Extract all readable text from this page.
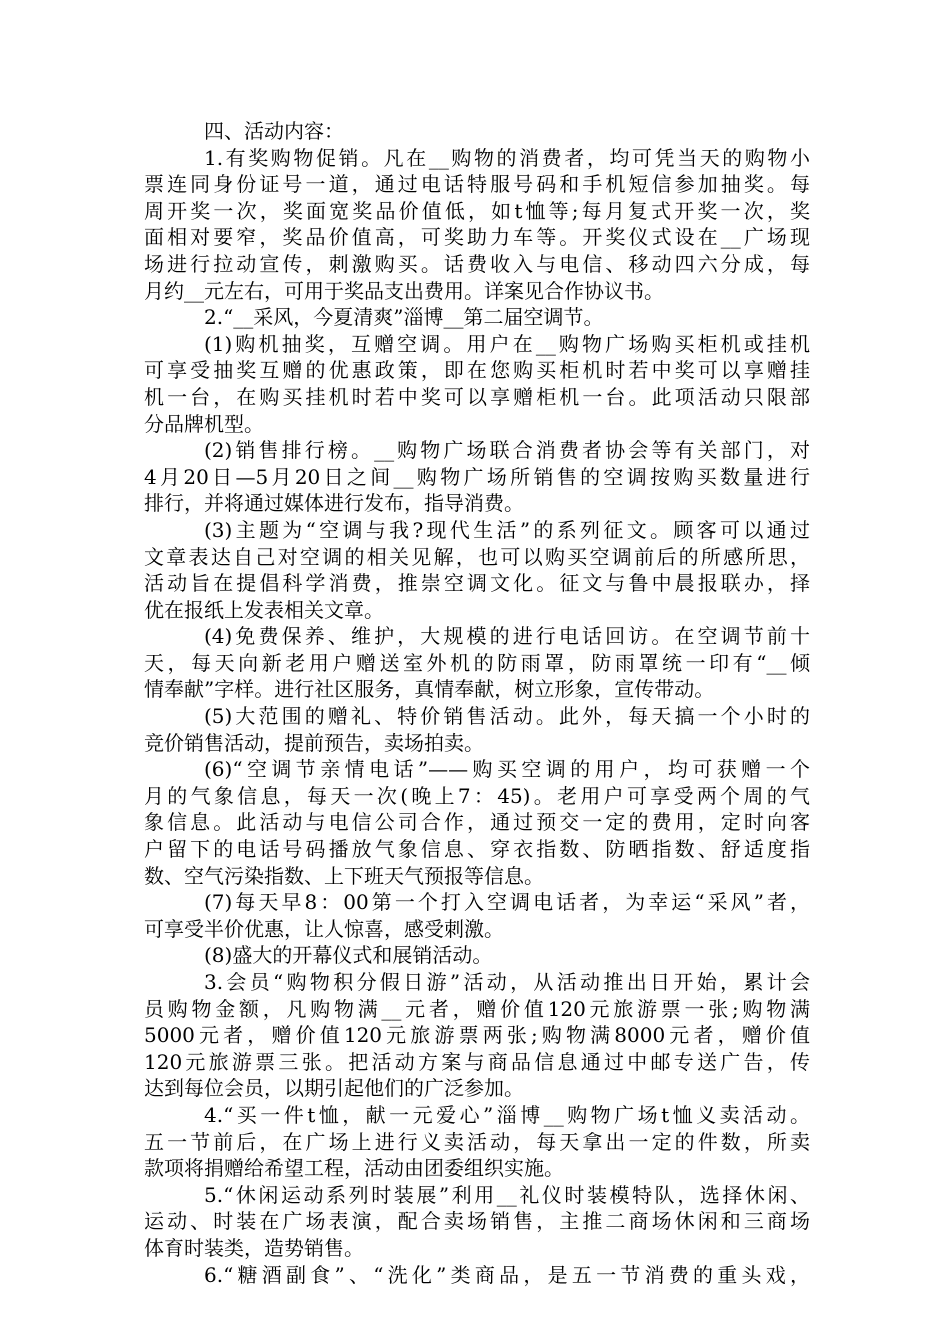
四、活动内容：
1.有奖购物促销。凡在__购物的消费者，均可凭当天的购物小
票连同身份证号一道，通过电话特服号码和手机短信参加抽奖。每
周开奖一次，奖面宽奖品价值低，如t恤等;每月复式开奖一次，奖
面相对要窄，奖品价值高，可奖助力车等。开奖仪式设在__广场现
场进行拉动宣传，刺激购买。话费收入与电信、移动四六分成，每
月约__元左右，可用于奖品支出费用。详案见合作协议书。
2.“__采风，今夏清爽”淄博__第二届空调节。
(1)购机抽奖，互赠空调。用户在__购物广场购买柜机或挂机
可享受抽奖互赠的优惠政策，即在您购买柜机时若中奖可以享赠挂
机一台，在购买挂机时若中奖可以享赠柜机一台。此项活动只限部
分品牌机型。
(2)销售排行榜。__购物广场联合消费者协会等有关部门，对
4月20日—5月20日之间__购物广场所销售的空调按购买数量进行
排行，并将通过媒体进行发布，指导消费。
(3)主题为“空调与我?现代生活”的系列征文。顾客可以通过
文章表达自己对空调的相关见解，也可以购买空调前后的所感所思，
活动旨在提倡科学消费，推崇空调文化。征文与鲁中晨报联办，择
优在报纸上发表相关文章。
(4)免费保养、维护，大规模的进行电话回访。在空调节前十
天，每天向新老用户赠送室外机的防雨罩，防雨罩统一印有“__倾
情奉献”字样。进行社区服务，真情奉献，树立形象，宣传带动。
(5)大范围的赠礼、特价销售活动。此外，每天搞一个小时的
竞价销售活动，提前预告，卖场拍卖。
(6)“空调节亲情电话”——购买空调的用户，均可获赠一个
月的气象信息，每天一次(晚上7：45)。老用户可享受两个周的气
象信息。此活动与电信公司合作，通过预交一定的费用，定时向客
户留下的电话号码播放气象信息、穿衣指数、防晒指数、舒适度指
数、空气污染指数、上下班天气预报等信息。
(7)每天早8：00第一个打入空调电话者，为幸运“采风”者，
可享受半价优惠，让人惊喜，感受刺激。
(8)盛大的开幕仪式和展销活动。
3.会员“购物积分假日游”活动，从活动推出日开始，累计会
员购物金额，凡购物满__元者，赠价值120元旅游票一张;购物满
5000元者，赠价值120元旅游票两张;购物满8000元者，赠价值
120元旅游票三张。把活动方案与商品信息通过中邮专送广告，传
达到每位会员，以期引起他们的广泛参加。
4.“买一件t恤，献一元爱心”淄博__购物广场t恤义卖活动。
五一节前后，在广场上进行义卖活动，每天拿出一定的件数，所卖
款项将捐赠给希望工程，活动由团委组织实施。
5.“休闲运动系列时装展”利用__礼仪时装模特队，选择休闲、
运动、时装在广场表演，配合卖场销售，主推二商场休闲和三商场
体育时装类，造势销售。
6.“糖酒副食”、“洗化”类商品，是五一节消费的重头戏，
